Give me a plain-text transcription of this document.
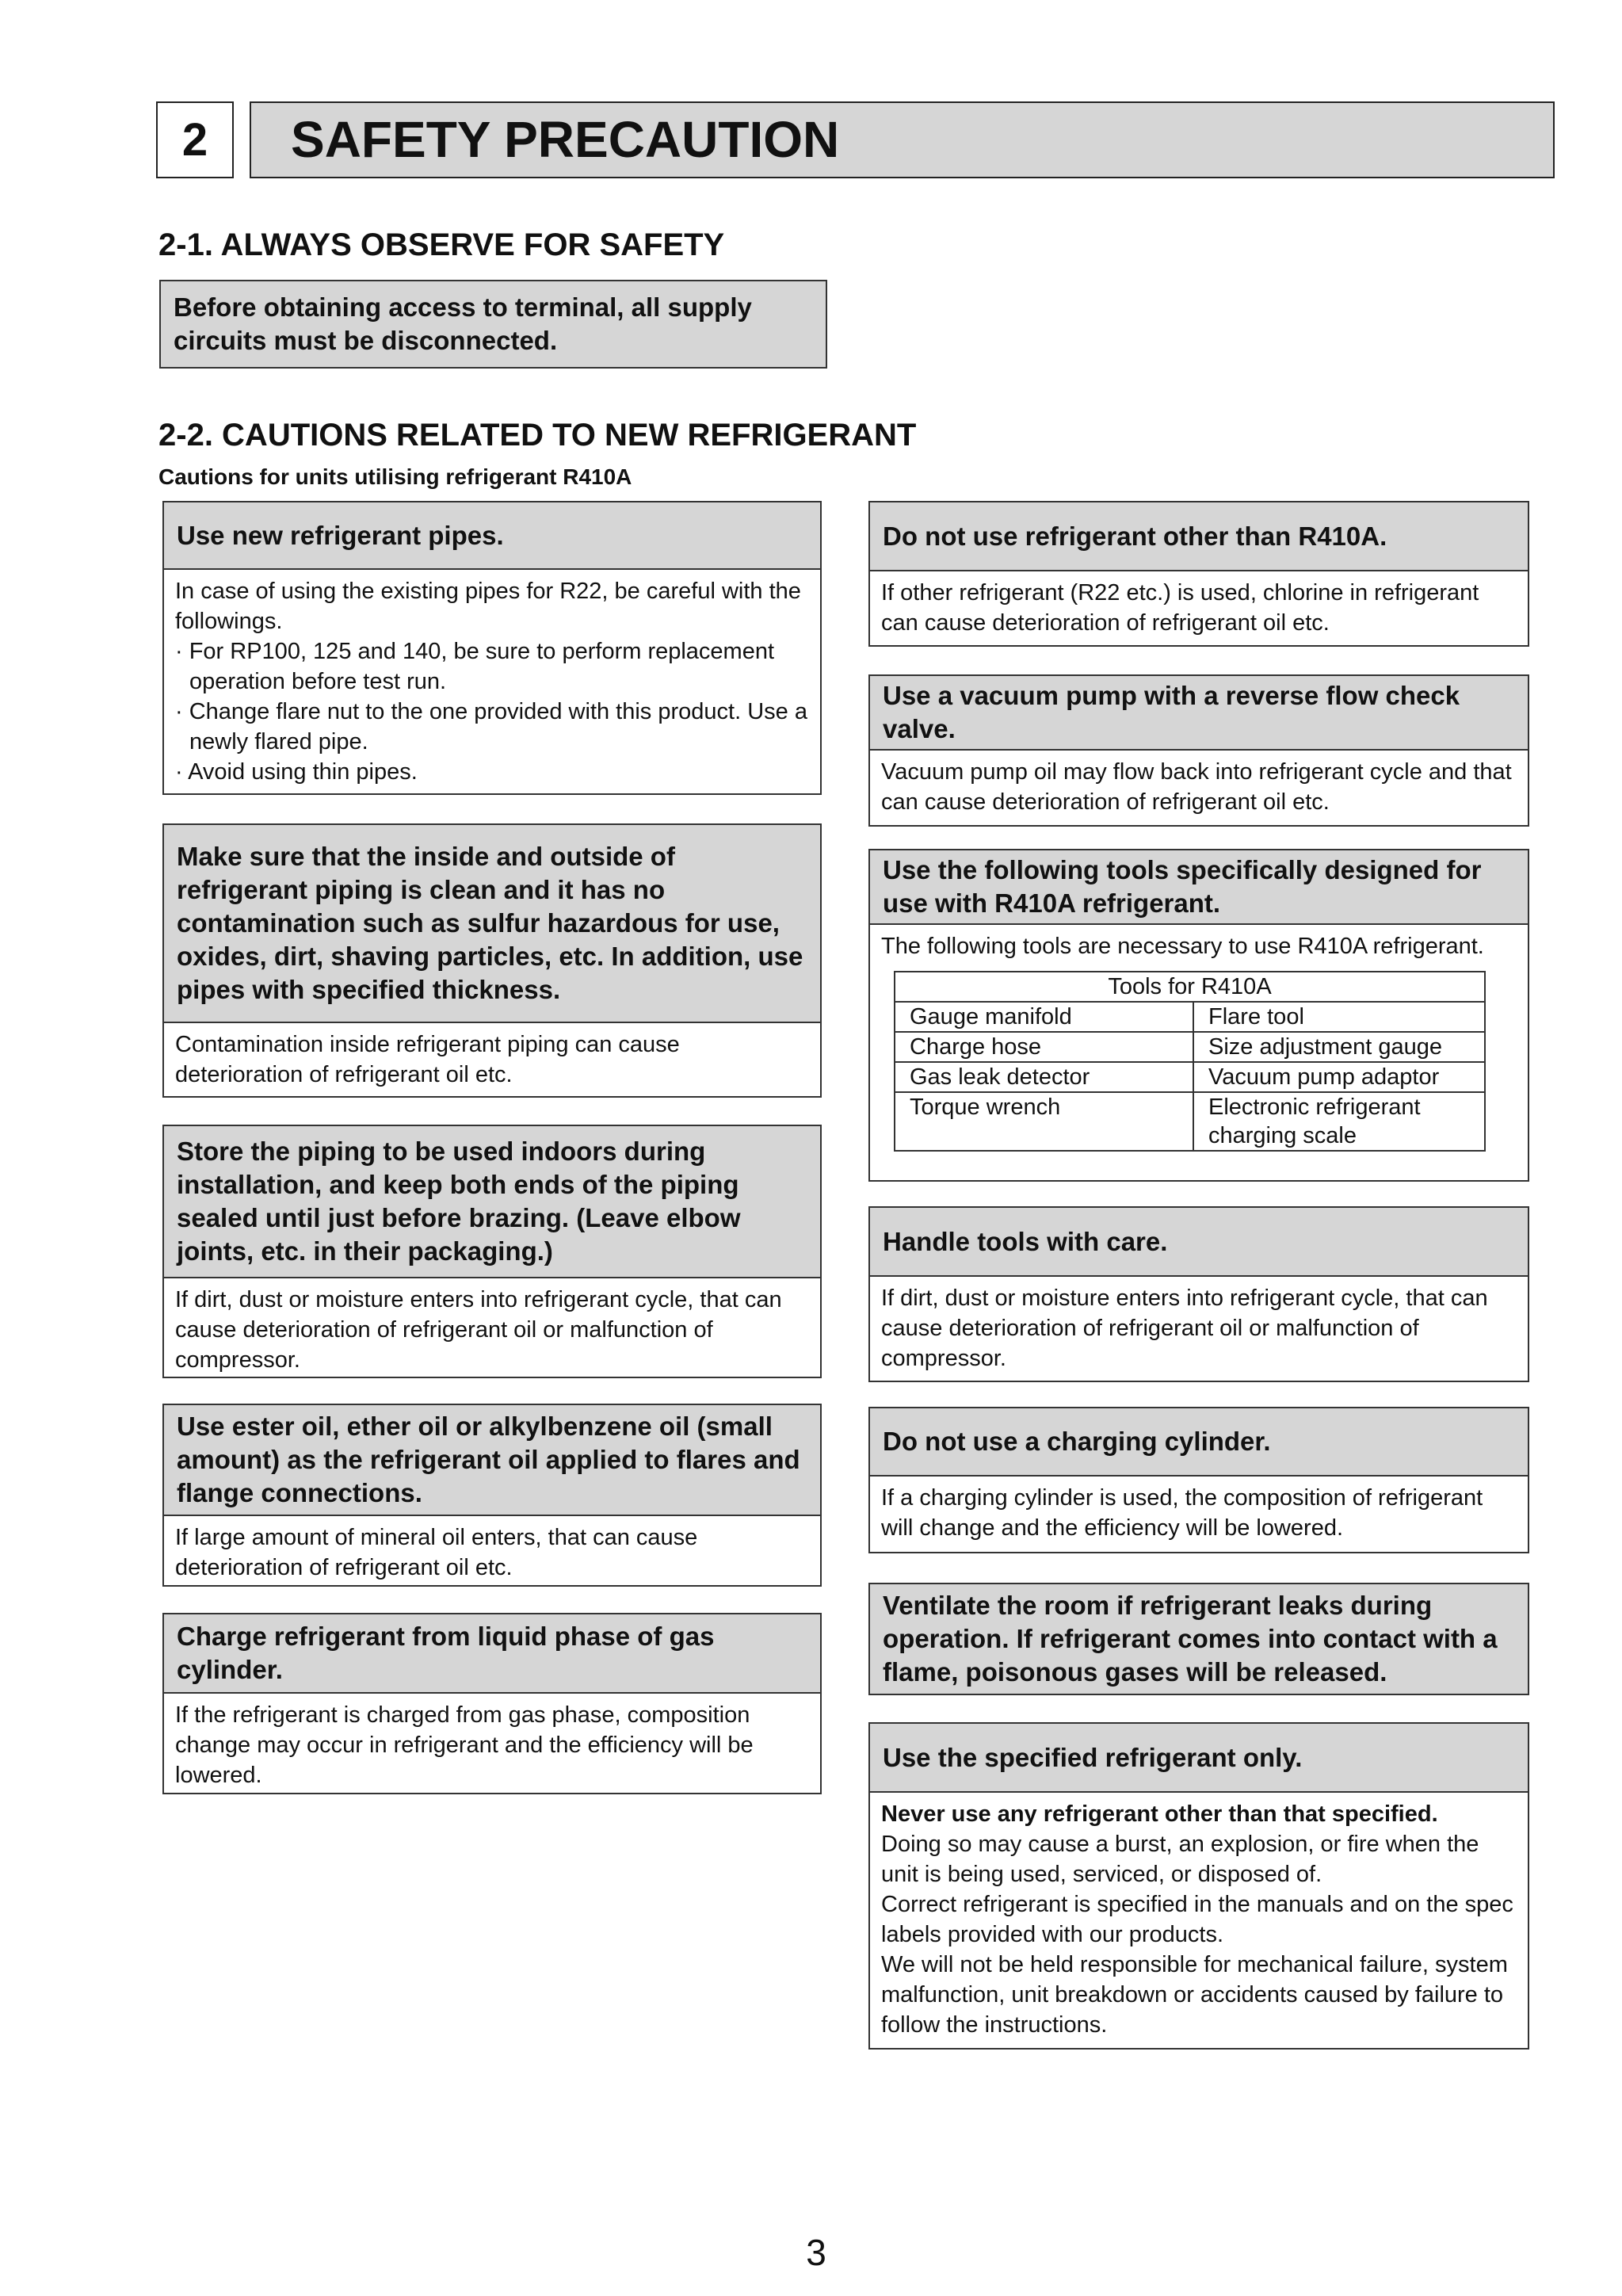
2	SAFETY PRECAUTION
2-1. ALWAYS OBSERVE FOR SAFETY
Before obtaining access to terminal, all supply circuits must be disconnected.
2-2. CAUTIONS RELATED TO NEW REFRIGERANT
Cautions for units utilising refrigerant R410A
Use new refrigerant pipes.
In case of using the existing pipes for R22, be careful with the followings.
· For RP100, 125 and 140, be sure to perform replacement operation before test run.
· Change flare nut to the one provided with this product. Use a newly flared pipe.
· Avoid using thin pipes.
Make sure that the inside and outside of refrigerant piping is clean and it has no contamination such as sulfur hazardous for use, oxides, dirt, shaving particles, etc. In addition, use pipes with specified thickness.
Contamination inside refrigerant piping can cause deterioration of refrigerant oil etc.
Store the piping to be used indoors during installation, and keep both ends of the piping sealed until just before brazing. (Leave elbow joints, etc. in their packaging.)
If dirt, dust or moisture enters into refrigerant cycle, that can cause deterioration of refrigerant oil or malfunction of compressor.
Use ester oil, ether oil or alkylbenzene oil (small amount) as the refrigerant oil applied to flares and flange connections.
If large amount of mineral oil enters, that can cause deterioration of refrigerant oil etc.
Charge refrigerant from liquid phase of gas cylinder.
If the refrigerant is charged from gas phase, composition change may occur in refrigerant and the efficiency will be lowered.
Do not use refrigerant other than R410A.
If other refrigerant (R22 etc.) is used, chlorine in refrigerant can cause deterioration of refrigerant oil etc.
Use a vacuum pump with a reverse flow check valve.
Vacuum pump oil may flow back into refrigerant cycle and that can cause deterioration of refrigerant oil etc.
Use the following tools specifically designed for use with R410A refrigerant.
The following tools are necessary to use R410A refrigerant.
Tools for R410A	
Gauge manifold	Flare tool
Charge hose	Size adjustment gauge
Gas leak detector	Vacuum pump adaptor
Torque wrench	Electronic refrigerant charging scale
Handle tools with care.
If dirt, dust or moisture enters into refrigerant cycle, that can cause deterioration of refrigerant oil or malfunction of compressor.
Do not use a charging cylinder.
If a charging cylinder is used, the composition of refrigerant will change and the efficiency will be lowered.
Ventilate the room if refrigerant leaks during operation. If refrigerant comes into contact with a flame, poisonous gases will be released.
Use the specified refrigerant only.
Never use any refrigerant other than that specified.
Doing so may cause a burst, an explosion, or fire when the unit is being used, serviced, or disposed of.
Correct refrigerant is specified in the manuals and on the spec labels provided with our products.
We will not be held responsible for mechanical failure, system malfunction, unit breakdown or accidents caused by failure to follow the instructions.
3
